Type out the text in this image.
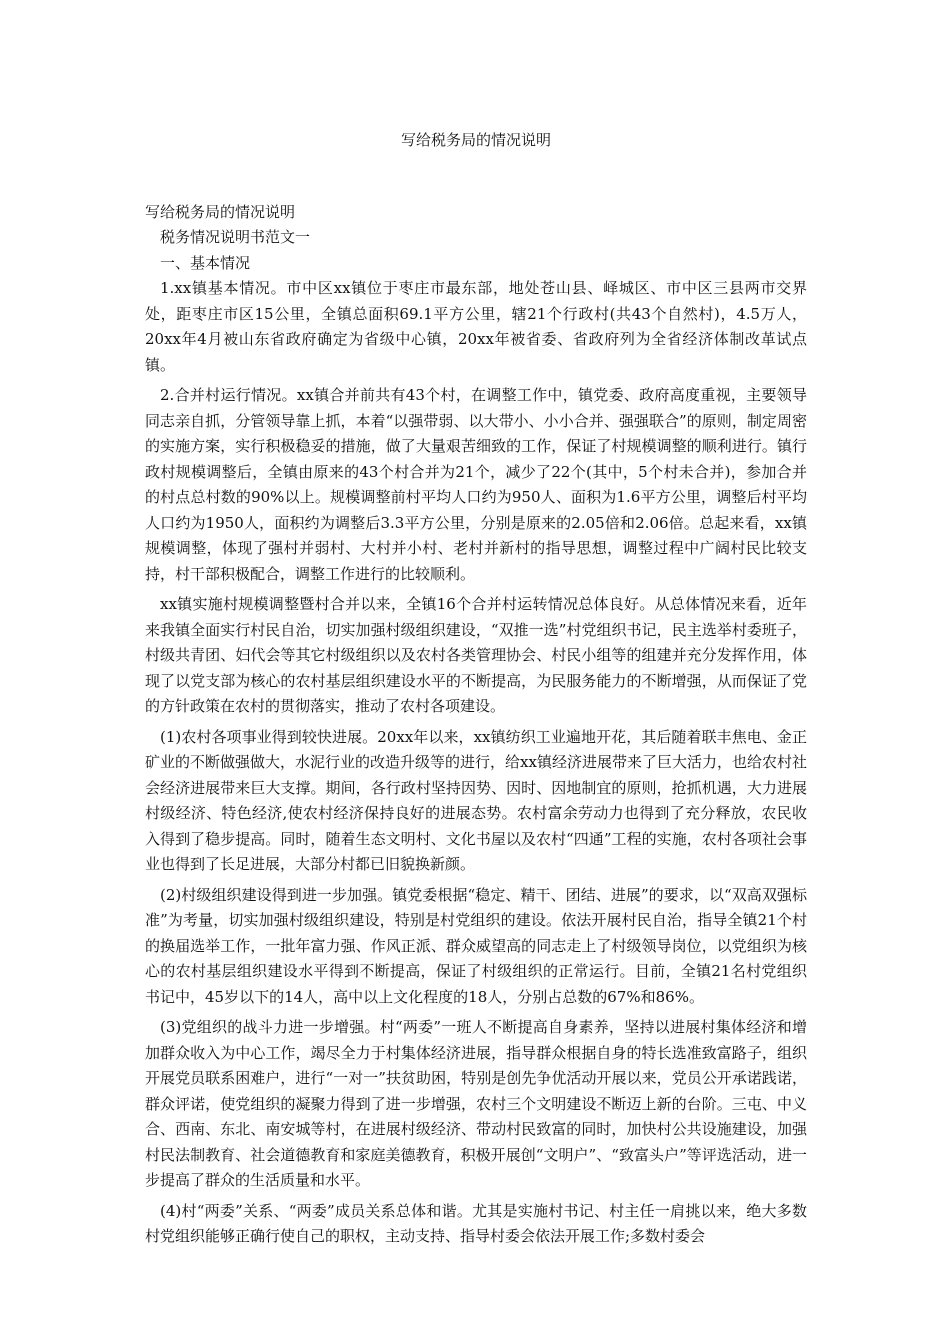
写给税务局的情况说明
写给税务局的情况说明

税务情况说明书范文一

一、基本情况

1.xx镇基本情况。市中区xx镇位于枣庄市最东部，地处苍山县、峄城区、市中区三县两市交界处，距枣庄市区15公里，全镇总面积69.1平方公里，辖21个行政村(共43个自然村)，4.5万人，20xx年4月被山东省政府确定为省级中心镇，20xx年被省委、省政府列为全省经济体制改革试点镇。

2.合并村运行情况。xx镇合并前共有43个村，在调整工作中，镇党委、政府高度重视，主要领导同志亲自抓，分管领导靠上抓，本着“以强带弱、以大带小、小小合并、强强联合”的原则，制定周密的实施方案，实行积极稳妥的措施，做了大量艰苦细致的工作，保证了村规模调整的顺利进行。镇行政村规模调整后，全镇由原来的43个村合并为21个，减少了22个(其中，5个村未合并)，参加合并的村点总村数的90%以上。规模调整前村平均人口约为950人、面积为1.6平方公里，调整后村平均人口约为1950人，面积约为调整后3.3平方公里，分别是原来的2.05倍和2.06倍。总起来看，xx镇规模调整，体现了强村并弱村、大村并小村、老村并新村的指导思想，调整过程中广阔村民比较支持，村干部积极配合，调整工作进行的比较顺利。

xx镇实施村规模调整暨村合并以来，全镇16个合并村运转情况总体良好。从总体情况来看，近年来我镇全面实行村民自治，切实加强村级组织建设，“双推一选”村党组织书记，民主选举村委班子，村级共青团、妇代会等其它村级组织以及农村各类管理协会、村民小组等的组建并充分发挥作用，体现了以党支部为核心的农村基层组织建设水平的不断提高，为民服务能力的不断增强，从而保证了党的方针政策在农村的贯彻落实，推动了农村各项建设。

(1)农村各项事业得到较快进展。20xx年以来，xx镇纺织工业遍地开花，其后随着联丰焦电、金正矿业的不断做强做大，水泥行业的改造升级等的进行，给xx镇经济进展带来了巨大活力，也给农村社会经济进展带来巨大支撑。期间，各行政村坚持因势、因时、因地制宜的原则，抢抓机遇，大力进展村级经济、特色经济,使农村经济保持良好的进展态势。农村富余劳动力也得到了充分释放，农民收入得到了稳步提高。同时，随着生态文明村、文化书屋以及农村“四通”工程的实施，农村各项社会事业也得到了长足进展，大部分村都已旧貌换新颜。

(2)村级组织建设得到进一步加强。镇党委根据“稳定、精干、团结、进展”的要求，以“双高双强标准”为考量，切实加强村级组织建设，特别是村党组织的建设。依法开展村民自治，指导全镇21个村的换届选举工作，一批年富力强、作风正派、群众威望高的同志走上了村级领导岗位，以党组织为核心的农村基层组织建设水平得到不断提高，保证了村级组织的正常运行。目前，全镇21名村党组织书记中，45岁以下的14人，高中以上文化程度的18人，分别占总数的67%和86%。

(3)党组织的战斗力进一步增强。村“两委”一班人不断提高自身素养，坚持以进展村集体经济和增加群众收入为中心工作，竭尽全力于村集体经济进展，指导群众根据自身的特长选准致富路子，组织开展党员联系困难户，进行“一对一”扶贫助困，特别是创先争优活动开展以来，党员公开承诺践诺，群众评诺，使党组织的凝聚力得到了进一步增强，农村三个文明建设不断迈上新的台阶。三屯、中义合、西南、东北、南安城等村，在进展村级经济、带动村民致富的同时，加快村公共设施建设，加强村民法制教育、社会道德教育和家庭美德教育，积极开展创“文明户”、“致富头户”等评选活动，进一步提高了群众的生活质量和水平。

(4)村“两委”关系、“两委”成员关系总体和谐。尤其是实施村书记、村主任一肩挑以来，绝大多数村党组织能够正确行使自己的职权，主动支持、指导村委会依法开展工作;多数村委会
